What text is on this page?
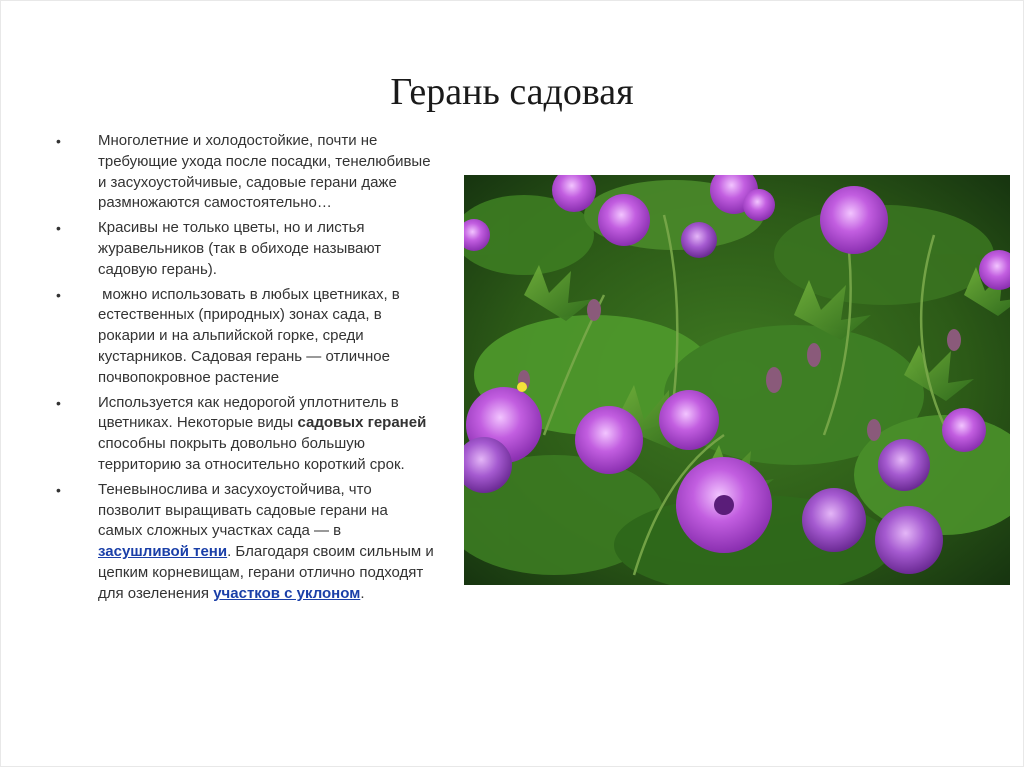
Герань садовая
•	Многолетние и холодостойкие, почти не требующие ухода после посадки, тенелюбивые и засухоустойчивые, садовые герани даже размножаются самостоятельно…
•	Красивы не только цветы, но и листья журавельников (так в обиходе называют садовую герань).
•	можно использовать в любых цветниках, в естественных (природных) зонах сада, в рокарии и на альпийской горке, среди кустарников. Садовая герань — отличное почвопокровное растение
•	Используется как недорогой уплотнитель в цветниках. Некоторые виды садовых гераней способны покрыть довольно большую территорию за относительно короткий срок.
•	Теневынослива и засухоустойчива, что позволит выращивать садовые герани на самых сложных участках сада — в засушливой тени. Благодаря своим сильным и цепким корневищам, герани отлично подходят для озеленения участков с уклоном.
